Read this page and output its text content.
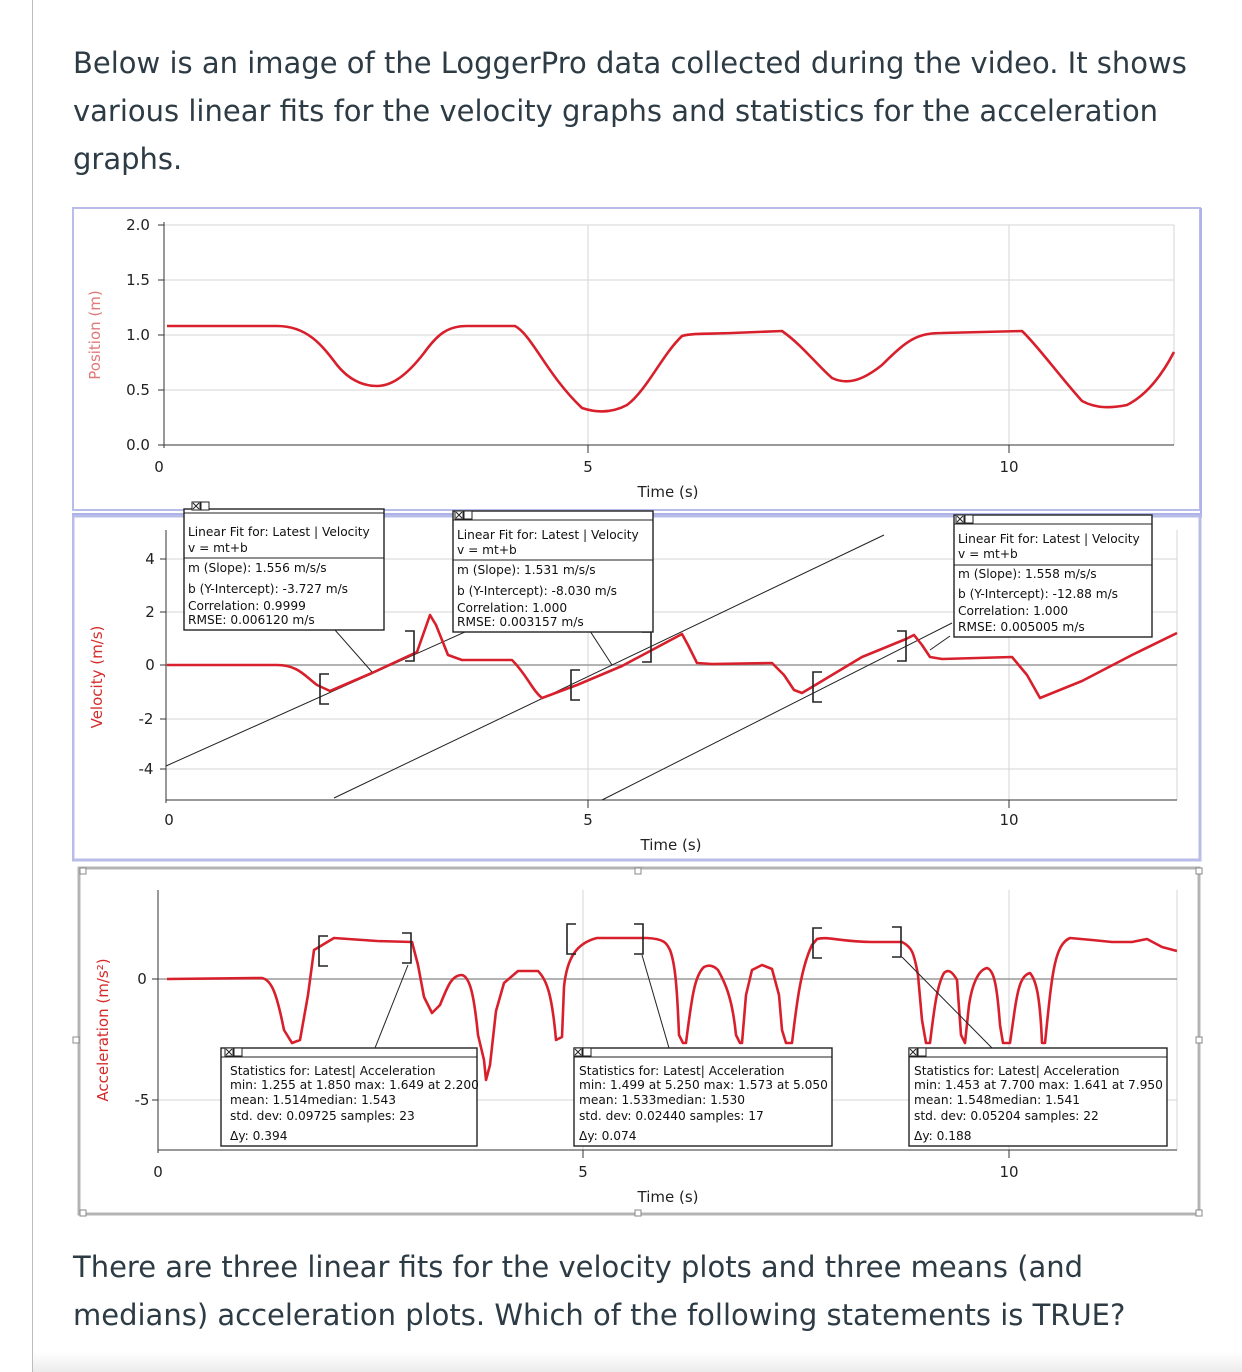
Below is an image of the LoggerPro data collected during the video. It shows various linear fits for the velocity graphs and statistics for the acceleration graphs.
2.0
1.5
1.0
0.5
0.0
0	5	10
Time (s)
Position (m)
4
2
0
-2
-4
0	5	10
Time (s)
Velocity (m/s)
Linear Fit for: Latest | Velocity
v = mt+b
m (Slope): 1.556 m/s/s
b (Y-Intercept): -3.727 m/s
Correlation: 0.9999
RMSE: 0.006120 m/s
Linear Fit for: Latest | Velocity
v = mt+b
m (Slope): 1.531 m/s/s
b (Y-Intercept): -8.030 m/s
Correlation: 1.000
RMSE: 0.003157 m/s
Linear Fit for: Latest | Velocity
v = mt+b
m (Slope): 1.558 m/s/s
b (Y-Intercept): -12.88 m/s
Correlation: 1.000
RMSE: 0.005005 m/s
0
-5
0	5	10
Time (s)
Acceleration (m/s²)	Statistics for: Latest| Acceleration
min: 1.255 at 1.850 max: 1.649 at 2.200
mean: 1.514median: 1.543
std. dev: 0.09725 samples: 23
Δy: 0.394
Statistics for: Latest| Acceleration
min: 1.499 at 5.250 max: 1.573 at 5.050
mean: 1.533median: 1.530
std. dev: 0.02440 samples: 17
Δy: 0.074
Statistics for: Latest| Acceleration
min: 1.453 at 7.700 max: 1.641 at 7.950
mean: 1.548median: 1.541
std. dev: 0.05204 samples: 22
Δy: 0.188
There are three linear fits for the velocity plots and three means (and medians) acceleration plots. Which of the following statements is TRUE?
